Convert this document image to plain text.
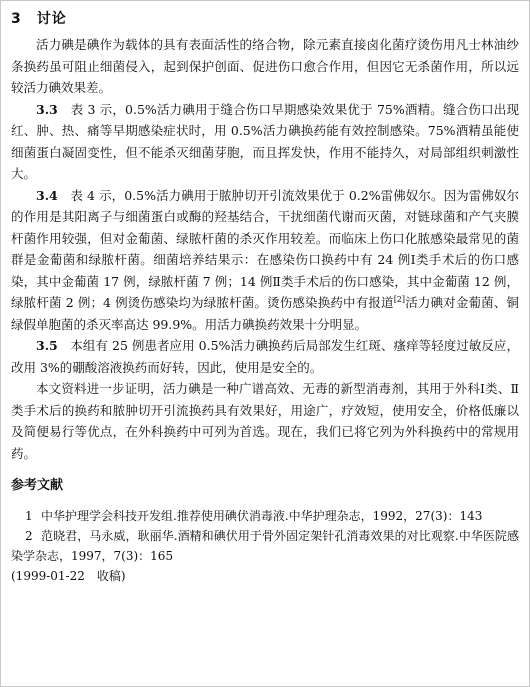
3　 讨论

活力碘是碘作为载体的具有表面活性的络合物，除元素直接卤化菌疗烫伤用凡士林油纱条换药虽可阻止细菌侵入，起到保护创面、促进伤口愈合作用，但因它无杀菌作用，所以远较活力碘效果差。

3.3　 表 3 示，0.5%活力碘用于缝合伤口早期感染效果优于 75%酒精。缝合伤口出现红、肿、热、痛等早期感染症状时，用 0.5%活力碘换药能有效控制感染。75%酒精虽能使细菌蛋白凝固变性，但不能杀灭细菌芽胞，而且挥发快，作用不能持久，对局部组织刺激性大。

3.4　 表 4 示，0.5%活力碘用于脓肿切开引流效果优于 0.2%雷佛奴尔。因为雷佛奴尔的作用是其阳离子与细菌蛋白或酶的羟基结合，干扰细菌代谢而灭菌，对链球菌和产气夹膜杆菌作用较强，但对金葡菌、绿脓杆菌的杀灭作用较差。而临床上伤口化脓感染最常见的菌群是金葡菌和绿脓杆菌。细菌培养结果示：在感染伤口换药中有 24 例Ⅰ类手术后的伤口感染，其中金葡菌 17 例，绿脓杆菌 7 例；14 例Ⅱ类手术后的伤口感染，其中金葡菌 12 例，绿脓杆菌 2 例；4 例烫伤感染均为绿脓杆菌。烫伤感染换药中有报道[2]活力碘对金葡菌、铜绿假单胞菌的杀灭率高达 99.9%。用活力碘换药效果十分明显。

3.5　 本组有 25 例患者应用 0.5%活力碘换药后局部发生红斑、瘙痒等轻度过敏反应，改用 3%的硼酸溶液换药而好转，因此，使用是安全的。

本文资料进一步证明，活力碘是一种广谱高效、无毒的新型消毒剂，其用于外科Ⅰ类、Ⅱ类手术后的换药和脓肿切开引流换药具有效果好，用途广，疗效短，使用安全，价格低廉以及简便易行等优点，在外科换药中可列为首选。现在，我们已将它列为外科换药中的常规用药。

参考文献

1 中华护理学会科技开发组.推荐使用碘伏消毒液.中华护理杂志，1992，27(3)：143

2 范晓君，马永威，耿丽华.酒精和碘伏用于骨外固定架针孔消毒效果的对比观察.中华医院感染学杂志，1997，7(3)：165

(1999-01-22　收稿)
